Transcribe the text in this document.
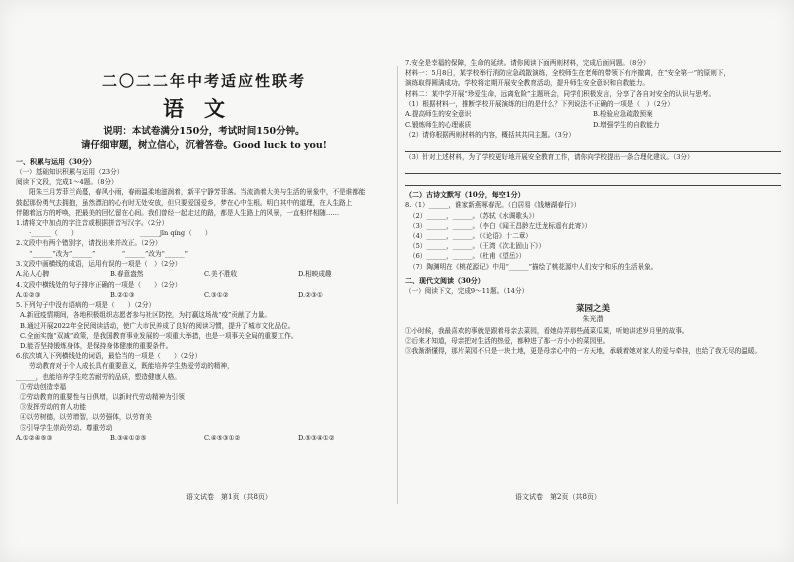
二〇二二年中考适应性联考
语文
说明：本试卷满分150分，考试时间150分钟。
请仔细审题，树立信心，沉着答卷。Good luck to you!
一、积累与运用（30分）
（一）基础知识积累与运用（23分）
阅读下文段，完成1～4题。（8分）
　　阳朱三月芳菲兰尚蔓，春风小雨，春雨温柔地滋润着，新平宁静芳菲落。当流淌着大美与生活的景象中，不是谁都能
鼓起那份勇气去拥抱，虽然漂泊的心有时无处安放，但只要爱国爱乡，梦在心中生根。明白其中的道理，在人生路上
伴随着远方的呼唤，把最美的回忆留在心间。我们曾经一起走过的路，都是人生路上的风景，一直相伴相随……
1.请将文中加点的字注音或根据拼音写汉字。（2分）
　　·______（　　）　　　　　　　　　　______jīn qíng（　　）
2.文段中有两个错别字，请找出来并改正。（2分）
　　“______”改为“______”　　　　“______”改为“______”
3.文段中画横线的成语，运用有误的一项是（　）（2分）
A.沁人心脾	B.春意盎然	C.美不胜收	D.相映成趣
4.文段中横线处的句子排序正确的一项是（　　）（2分）
A.①②③	B.②①③	C.③①②	D.②③①
5.下列句子中没有语病的一项是（　　）（2分）
A.新冠疫情期间，各地积极组织志愿者参与社区防控，为打赢这场战“疫”贡献了力量。
B.通过开展2022年全民阅读活动，使广大市民养成了良好的阅读习惯，提升了城市文化品位。
C.全面实施“双减”政策，是我国教育事业发展的一项重大举措，也是一项事关全局的重要工作。
D.能否坚持锻炼身体，是保持身体健康的重要条件。
6.依次填入下列横线处的词语，最恰当的一项是（　　）（2分）
　　劳动教育对于个人成长具有重要意义，既能培养学生热爱劳动的精神，
______，也能培养学生吃苦耐劳的品质，塑造健康人格。
①劳动创造幸福
②劳动教育的重要性与日俱增，以新时代劳动精神为引领
③发挥劳动的育人功能
④以劳树德，以劳增智，以劳强体，以劳育美
⑤引导学生崇尚劳动、尊重劳动
A.①②④⑤③	B.③④①②⑤	C.④⑤③①②	D.⑤③④①②
语文试卷　第1页（共8页）
7.安全是幸福的保障，生命的延续。请你阅读下面两则材料，完成后面问题。（8分）
材料一：5月8日，某学校举行消防应急疏散演练，全校师生在老师的带领下有序撤离，在“安全第一”的原则下，
演练取得圆满成功。学校将定期开展安全教育活动，提升师生安全意识和自救能力。
材料二：某中学开展“珍爱生命，远离危险”主题班会，同学们积极发言，分享了各自对安全的认识与思考。
（1）根据材料一，推断学校开展演练的目的是什么？下列说法不正确的一项是（　）（2分）
A.提高师生的安全意识	B.检验应急疏散预案
C.锻炼师生的心理素质	D.增强学生的自救能力
（2）请你根据两则材料的内容，概括其共同主题。（3分）
（3）针对上述材料，为了学校更好地开展安全教育工作，请你向学校提出一条合理化建议。（3分）
（二）古诗文默写（10分，每空1分）
8.（1）______，谁家新燕啄春泥。（白居易《钱塘湖春行》）
（2）______，______。（苏轼《水调歌头》）
（3）______，______。（李白《闻王昌龄左迁龙标遥有此寄》）
（4）______，______。（《论语》十二章）
（5）______，______。（王湾《次北固山下》）
（6）______，______。（杜甫《望岳》）
（7）陶渊明在《桃花源记》中用“______”描绘了桃花源中人们安宁和乐的生活景象。
二、现代文阅读（30分）
（一）阅读下文，完成9～11题。（14分）
菜园之美
朱光潜
①小时候，我最喜欢的事就是跟着母亲去菜园，看她侍弄那些蔬菜瓜果，听她讲述岁月里的故事。
②后来才知道，母亲把对生活的热爱，都种进了那一方小小的菜园里。
③我渐渐懂得，那片菜园不只是一块土地，更是母亲心中的一方天地，承载着她对家人的爱与牵挂，也给了我无尽的温暖。
语文试卷　第2页（共8页）
